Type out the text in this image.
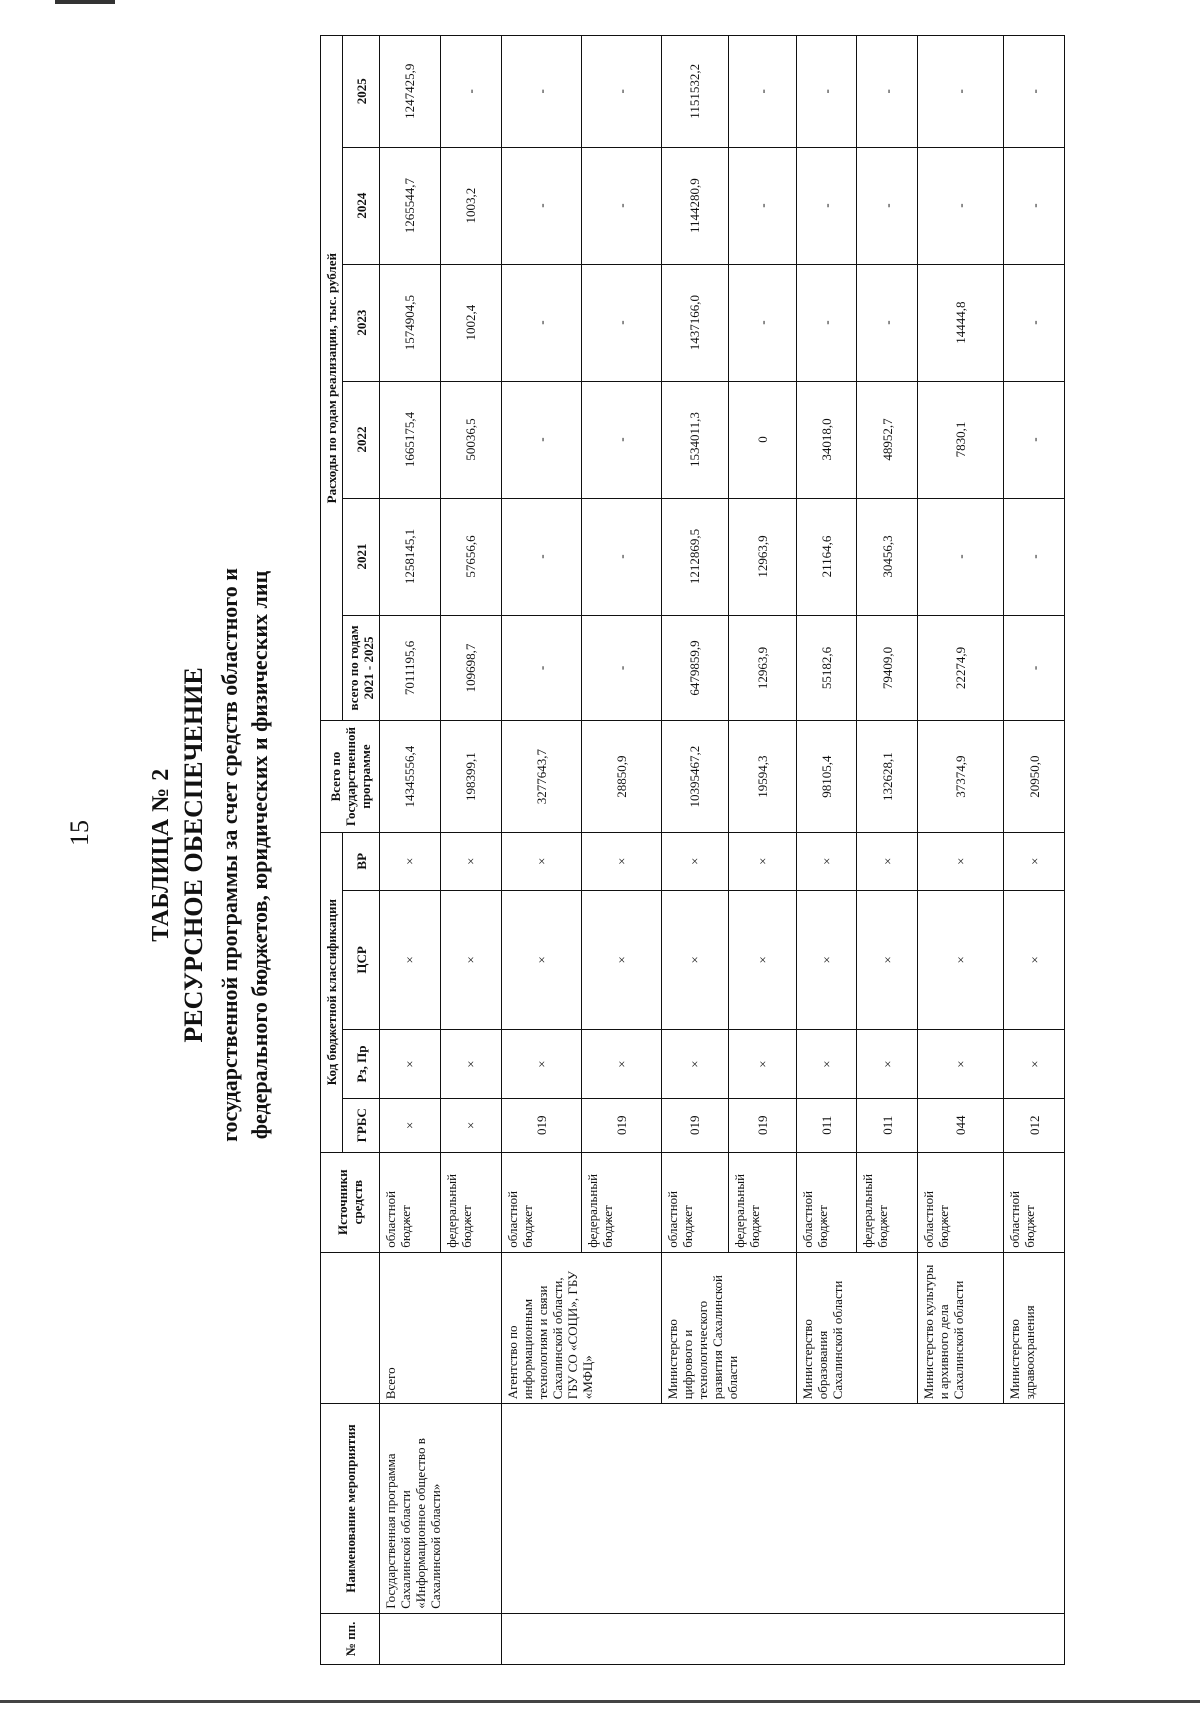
15 ТАБЛИЦА № 2 РЕСУРСНОЕ ОБЕСПЕЧЕНИЕ государственной программы за счет средств областного и федерального бюджетов, юридических и физических лиц
№ пп.	Наименование мероприятия		Источники средств	Код бюджетной классификации				Всего по Государственной программе	Расходы по годам реализации, тыс. рублей					
				ГРБС	Рз, Пр	ЦСР	ВР		всего по годам 2021 - 2025	2021	2022	2023	2024	2025
	Государственная программа Сахалинской области «Информационное общество в Сахалинской области»	Всего	областной бюджет	×	×	×	×	14345556,4	7011195,6	1258145,1	1665175,4	1574904,5	1265544,7	1247425,9
			федеральный бюджет	×	×	×	×	198399,1	109698,7	57656,6	50036,5	1002,4	1003,2	-
		Агентство по информационным технологиям и связи Сахалинской области, ГБУ СО «СОЦИ», ГБУ «МФЦ»	областной бюджет	019	×	×	×	3277643,7	-	-	-	-	-	-
			федеральный бюджет	019	×	×	×	28850,9	-	-	-	-	-	-
		Министерство цифрового и технологического развития Сахалинской области	областной бюджет	019	×	×	×	10395467,2	6479859,9	1212869,5	1534011,3	1437166,0	1144280,9	1151532,2
			федеральный бюджет	019	×	×	×	19594,3	12963,9	12963,9	0	-	-	-
		Министерство образования Сахалинской области	областной бюджет	011	×	×	×	98105,4	55182,6	21164,6	34018,0	-	-	-
			федеральный бюджет	011	×	×	×	132628,1	79409,0	30456,3	48952,7	-	-	-
		Министерство культуры и архивного дела Сахалинской области	областной бюджет	044	×	×	×	37374,9	22274,9	-	7830,1	14444,8	-	-
		Министерство здравоохранения	областной бюджет	012	×	×	×	20950,0	-	-	-	-	-	-
